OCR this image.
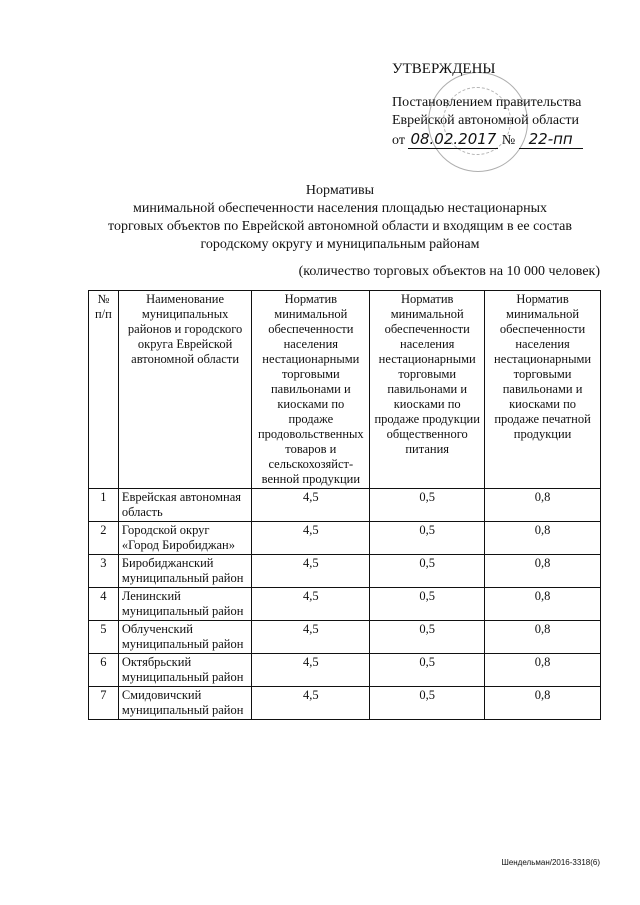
УТВЕРЖДЕНЫ
Постановлением правительства
Еврейской автономной области
от 08.02.2017 № 22-пп
Нормативы
минимальной обеспеченности населения площадью нестационарных
торговых объектов по Еврейской автономной области и входящим в ее состав
городскому округу и муниципальным районам
(количество торговых объектов на 10 000 человек)
№ п/п	Наименование муниципальных районов и городского округа Еврейской автономной области	Норматив минимальной обеспеченности населения нестационарными торговыми павильонами и киосками по продаже продовольственных товаров и сельскохозяйст-венной продукции	Норматив минимальной обеспеченности населения нестационарными торговыми павильонами и киосками по продаже продукции общественного питания	Норматив минимальной обеспеченности населения нестационарными торговыми павильонами и киосками по продаже печатной продукции
1	Еврейская автономная область	4,5	0,5	0,8
2	Городской округ «Город Биробиджан»	4,5	0,5	0,8
3	Биробиджанский муниципальный район	4,5	0,5	0,8
4	Ленинский муниципальный район	4,5	0,5	0,8
5	Облученский муниципальный район	4,5	0,5	0,8
6	Октябрьский муниципальный район	4,5	0,5	0,8
7	Смидовичский муниципальный район	4,5	0,5	0,8
Шендельман/2016-3318(6)
